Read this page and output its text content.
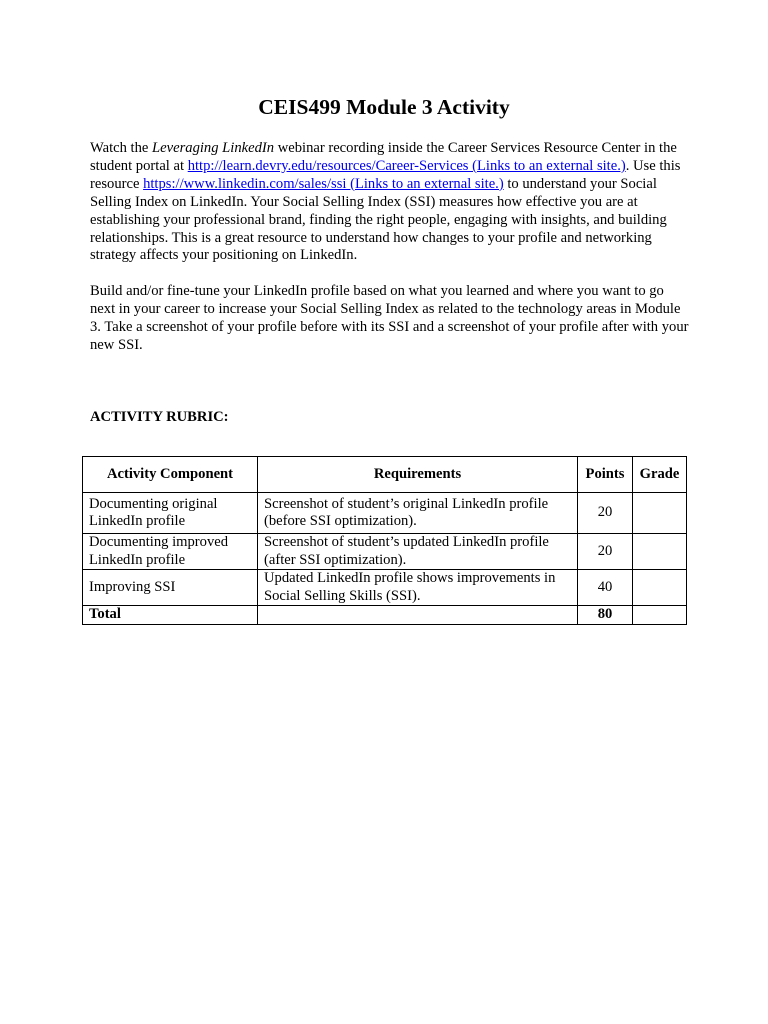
CEIS499 Module 3 Activity

Watch the Leveraging LinkedIn webinar recording inside the Career Services Resource Center in the student portal at http://learn.devry.edu/resources/Career-Services (Links to an external site.). Use this resource https://www.linkedin.com/sales/ssi (Links to an external site.) to understand your Social Selling Index on LinkedIn. Your Social Selling Index (SSI) measures how effective you are at establishing your professional brand, finding the right people, engaging with insights, and building relationships. This is a great resource to understand how changes to your profile and networking strategy affects your positioning on LinkedIn.

Build and/or fine-tune your LinkedIn profile based on what you learned and where you want to go next in your career to increase your Social Selling Index as related to the technology areas in Module 3. Take a screenshot of your profile before with its SSI and a screenshot of your profile after with your new SSI.

ACTIVITY RUBRIC:

Activity Component	Requirements	Points	Grade
Documenting original LinkedIn profile	Screenshot of student’s original LinkedIn profile (before SSI optimization).	20	
Documenting improved LinkedIn profile	Screenshot of student’s updated LinkedIn profile (after SSI optimization).	20	
Improving SSI	Updated LinkedIn profile shows improvements in Social Selling Skills (SSI).	40	
Total		80	
